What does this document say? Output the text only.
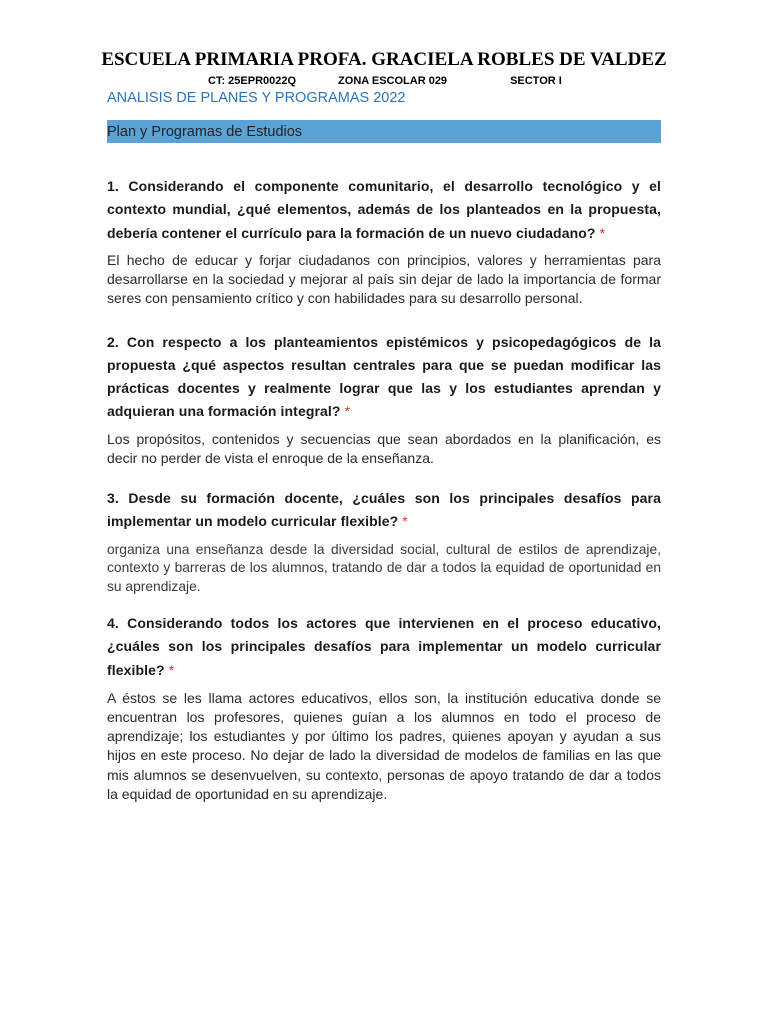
ESCUELA PRIMARIA PROFA. GRACIELA ROBLES DE VALDEZ
CT: 25EPR0022Q	ZONA ESCOLAR 029	SECTOR I
ANALISIS DE PLANES Y PROGRAMAS 2022
Plan y Programas de Estudios
1. Considerando el componente comunitario, el desarrollo tecnológico y el contexto mundial, ¿qué elementos, además de los planteados en la propuesta, debería contener el currículo para la formación de un nuevo ciudadano? *
El hecho de educar y forjar ciudadanos con principios, valores y herramientas para desarrollarse en la sociedad y mejorar al país sin dejar de lado la importancia de formar seres con pensamiento crítico y con habilidades para su desarrollo personal.
2. Con respecto a los planteamientos epistémicos y psicopedagógicos de la propuesta ¿qué aspectos resultan centrales para que se puedan modificar las prácticas docentes y realmente lograr que las y los estudiantes aprendan y adquieran una formación integral? *
Los propósitos, contenidos y secuencias que sean abordados en la planificación, es decir no perder de vista el enroque de la enseñanza.
3. Desde su formación docente, ¿cuáles son los principales desafíos para implementar un modelo curricular flexible? *
organiza una enseñanza desde la diversidad social, cultural de estilos de aprendizaje, contexto y barreras de los alumnos, tratando de dar a todos la equidad de oportunidad en su aprendizaje.
4. Considerando todos los actores que intervienen en el proceso educativo, ¿cuáles son los principales desafíos para implementar un modelo curricular flexible? *
A éstos se les llama actores educativos, ellos son, la institución educativa donde se encuentran los profesores, quienes guían a los alumnos en todo el proceso de aprendizaje; los estudiantes y por último los padres, quienes apoyan y ayudan a sus hijos en este proceso. No dejar de lado la diversidad de modelos de familias en las que mis alumnos se desenvuelven, su contexto, personas de apoyo tratando de dar a todos la equidad de oportunidad en su aprendizaje.
